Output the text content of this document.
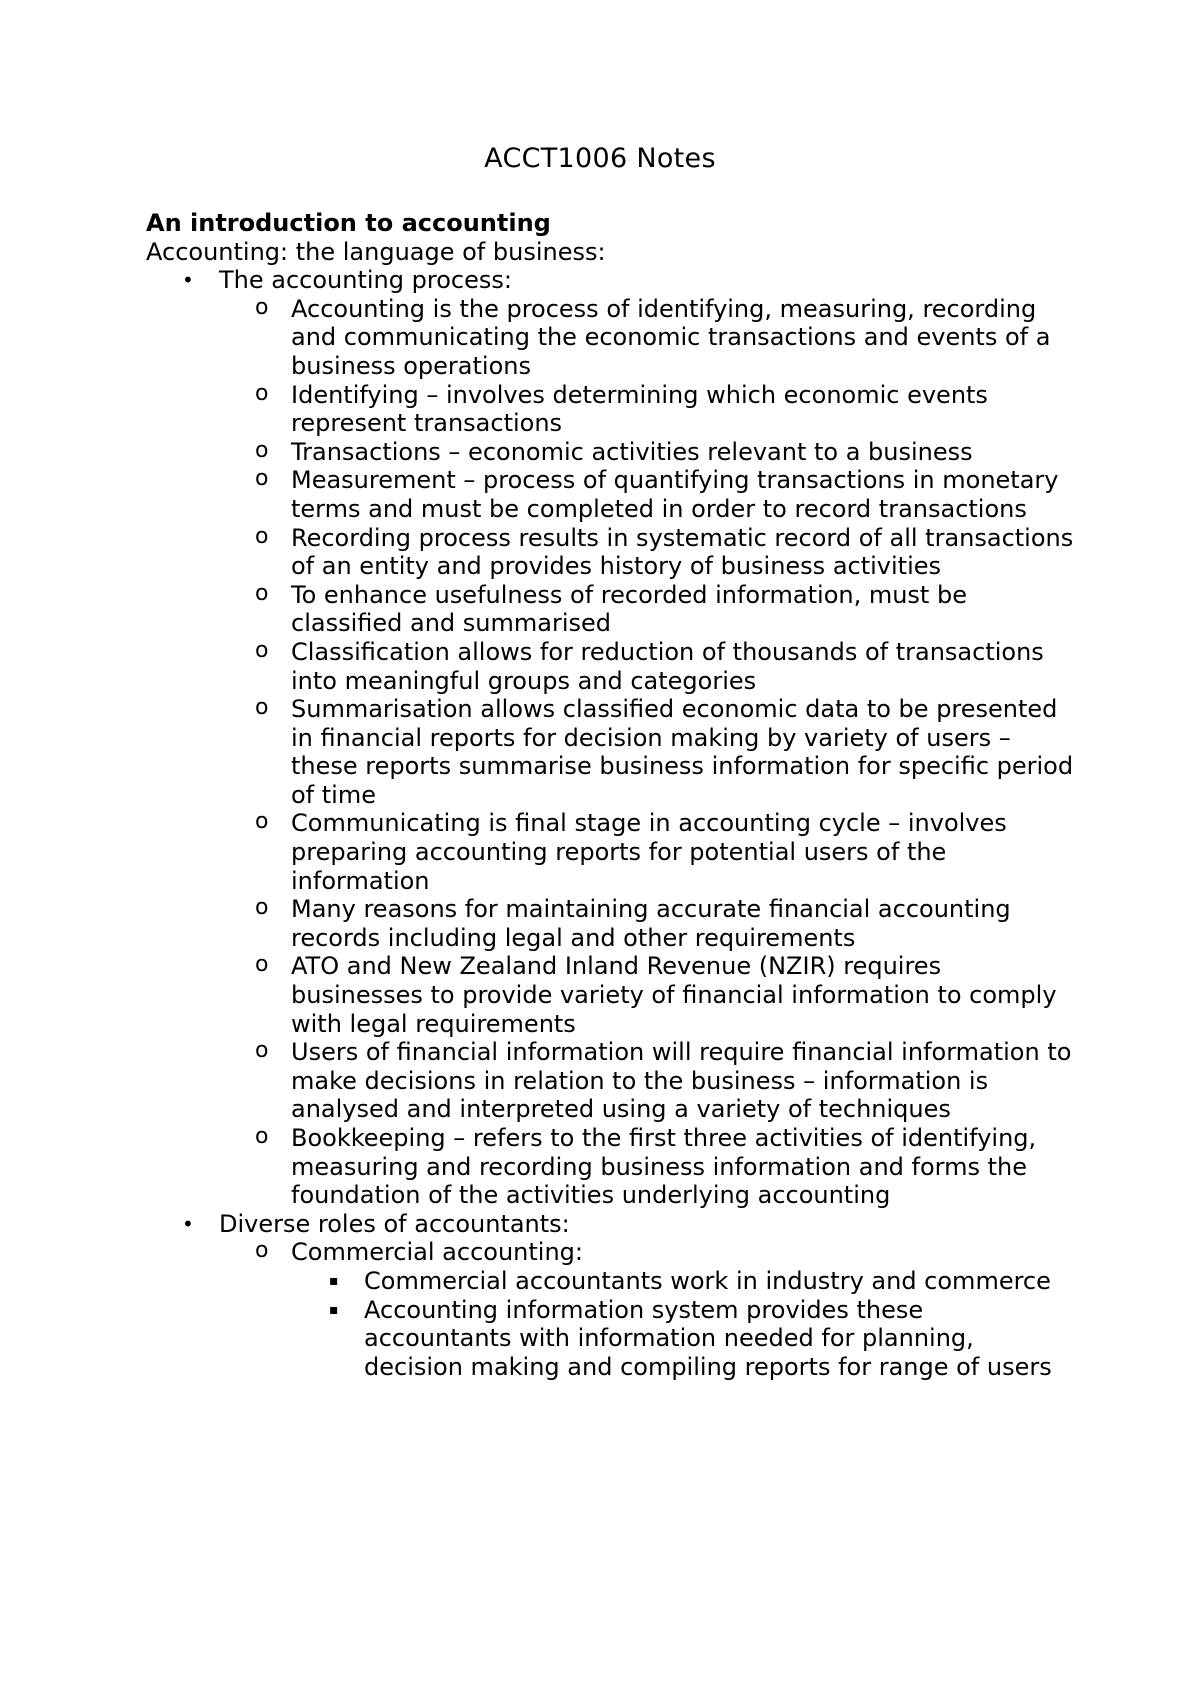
ACCT1006 Notes

An introduction to accounting

Accounting: the language of business:

• The accounting process:
o Accounting is the process of identifying, measuring, recording and communicating the economic transactions and events of a business operations
o Identifying – involves determining which economic events represent transactions
o Transactions – economic activities relevant to a business
o Measurement – process of quantifying transactions in monetary terms and must be completed in order to record transactions
o Recording process results in systematic record of all transactions of an entity and provides history of business activities
o To enhance usefulness of recorded information, must be classified and summarised
o Classification allows for reduction of thousands of transactions into meaningful groups and categories
o Summarisation allows classified economic data to be presented in financial reports for decision making by variety of users – these reports summarise business information for specific period of time
o Communicating is final stage in accounting cycle – involves preparing accounting reports for potential users of the information
o Many reasons for maintaining accurate financial accounting records including legal and other requirements
o ATO and New Zealand Inland Revenue (NZIR) requires businesses to provide variety of financial information to comply with legal requirements
o Users of financial information will require financial information to make decisions in relation to the business – information is analysed and interpreted using a variety of techniques
o Bookkeeping – refers to the first three activities of identifying, measuring and recording business information and forms the foundation of the activities underlying accounting
• Diverse roles of accountants:
o Commercial accounting:
▪ Commercial accountants work in industry and commerce
▪ Accounting information system provides these accountants with information needed for planning, decision making and compiling reports for range of users
